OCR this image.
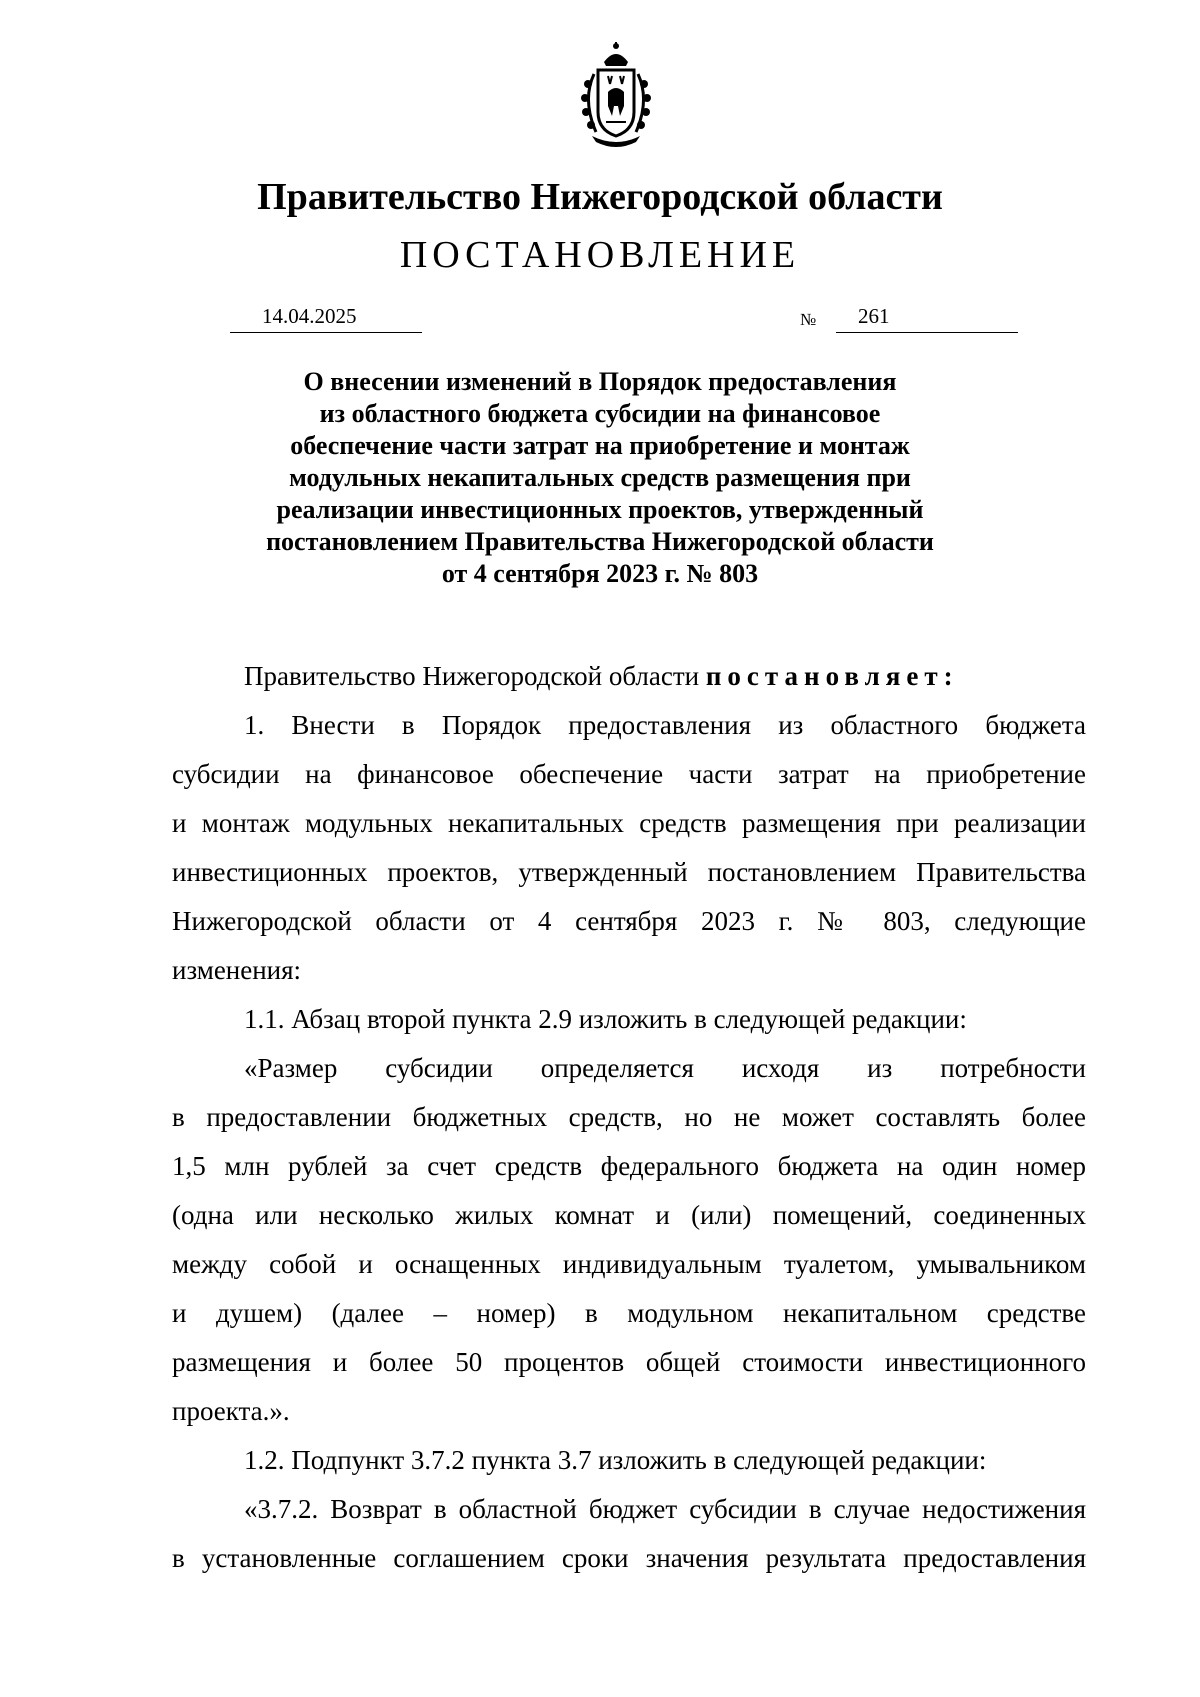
Правительство Нижегородской области
ПОСТАНОВЛЕНИЕ
14.04.2025	№ 261
О внесении изменений в Порядок предоставления
из областного бюджета субсидии на финансовое
обеспечение части затрат на приобретение и монтаж
модульных некапитальных средств размещения при
реализации инвестиционных проектов, утвержденный
постановлением Правительства Нижегородской области
от 4 сентября 2023 г. № 803
Правительство Нижегородской области постановляет:
1. Внести в Порядок предоставления из областного бюджета
субсидии на финансовое обеспечение части затрат на приобретение
и монтаж модульных некапитальных средств размещения при реализации
инвестиционных проектов, утвержденный постановлением Правительства
Нижегородской области от 4 сентября 2023 г. № 803, следующие
изменения:
1.1. Абзац второй пункта 2.9 изложить в следующей редакции:
«Размер субсидии определяется исходя из потребности
в предоставлении бюджетных средств, но не может составлять более
1,5 млн рублей за счет средств федерального бюджета на один номер
(одна или несколько жилых комнат и (или) помещений, соединенных
между собой и оснащенных индивидуальным туалетом, умывальником
и душем) (далее – номер) в модульном некапитальном средстве
размещения и более 50 процентов общей стоимости инвестиционного
проекта.».
1.2. Подпункт 3.7.2 пункта 3.7 изложить в следующей редакции:
«3.7.2. Возврат в областной бюджет субсидии в случае недостижения
в установленные соглашением сроки значения результата предоставления
